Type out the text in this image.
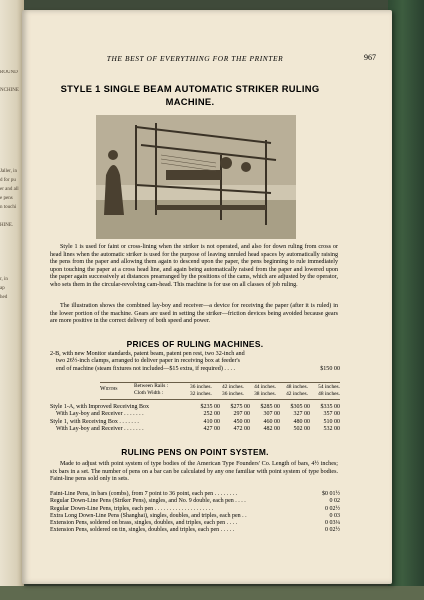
ROUND
NCHINE
Jaller, in
d for pu
er and all
e pens
n touchi
HINE.
r, in
ap
hed
THE BEST OF EVERYTHING FOR THE PRINTER	967
STYLE 1 SINGLE BEAM AUTOMATIC STRIKER RULING
MACHINE.
Style 1 is used for faint or cross-lining when the striker is not operated, and also for down ruling from cross or head lines when the automatic striker is used for the purpose of leaving unruled head spaces by automatically raising the pens from the paper and allowing them again to descend upon the paper, the pens beginning to rule immediately upon touching the paper at a cross head line, and again being automatically raised from the paper and lowered upon the paper again successively at distances prearranged by the positions of the cams, which are adjusted by the operator, who sets them in the circular-revolving cam-head. This machine is for use on all classes of job ruling.
The illustration shows the combined lay-boy and receiver—a device for receiving the paper (after it is ruled) in the lower portion of the machine. Gears are used in setting the striker—friction devices being avoided because gears are more positive in the correct delivery of both speed and power.
PRICES OF RULING MACHINES.
2-B, with new Monitor standards, patent beam, patent pen rest, two 32-inch and
two 26½-inch clamps, arranged to deliver paper in receiving box at feeder's
end of machine (steam fixtures not included—$15 extra, if required) . . . .	$150 00
Widths	Between Rails :
Cloth Width :
36 inches. 42 inches. 44 inches. 48 inches. 54 inches.
32 inches. 36 inches. 38 inches. 42 inches. 48 inches.
Style 1-A, with Improved Receiving Box	$235 00	$275 00	$285 00	$305 00	$335 00
With Lay-boy and Receiver . . . . . . .	252 00	297 00	307 00	327 00	357 00
Style 1, with Receiving Box . . . . . . .	410 00	450 00	460 00	480 00	510 00
With Lay-boy and Receiver . . . . . . .	427 00	472 00	482 00	502 00	532 00
RULING PENS ON POINT SYSTEM.
Made to adjust with point system of type bodies of the American Type Founders' Co. Length of bars, 4½ inches; six bars in a set. The number of pens on a bar can be calculated by any one familiar with point system of type bodies. Faint-line pens sold only in sets.
Faint-Line Pens, in bars (combs), from 7 point to 36 point, each pen . . . . . . . .	$0 01½
Regular Down-Line Pens (Striker Pens), singles, and No. 9 double, each pen . . . .	0 02
Regular Down-Line Pens, triples, each pen . . . . . . . . . . . . . . . . . . . .	0 02½
Extra Long Down-Line Pens (Shanghai), singles, doubles, and triples, each pen . .	0 03
Extension Pens, soldered on brass, singles, doubles, and triples, each pen . . . .	0 03¼
Extension Pens, soldered on tin, singles, doubles, and triples, each pen . . . . .	0 02½
